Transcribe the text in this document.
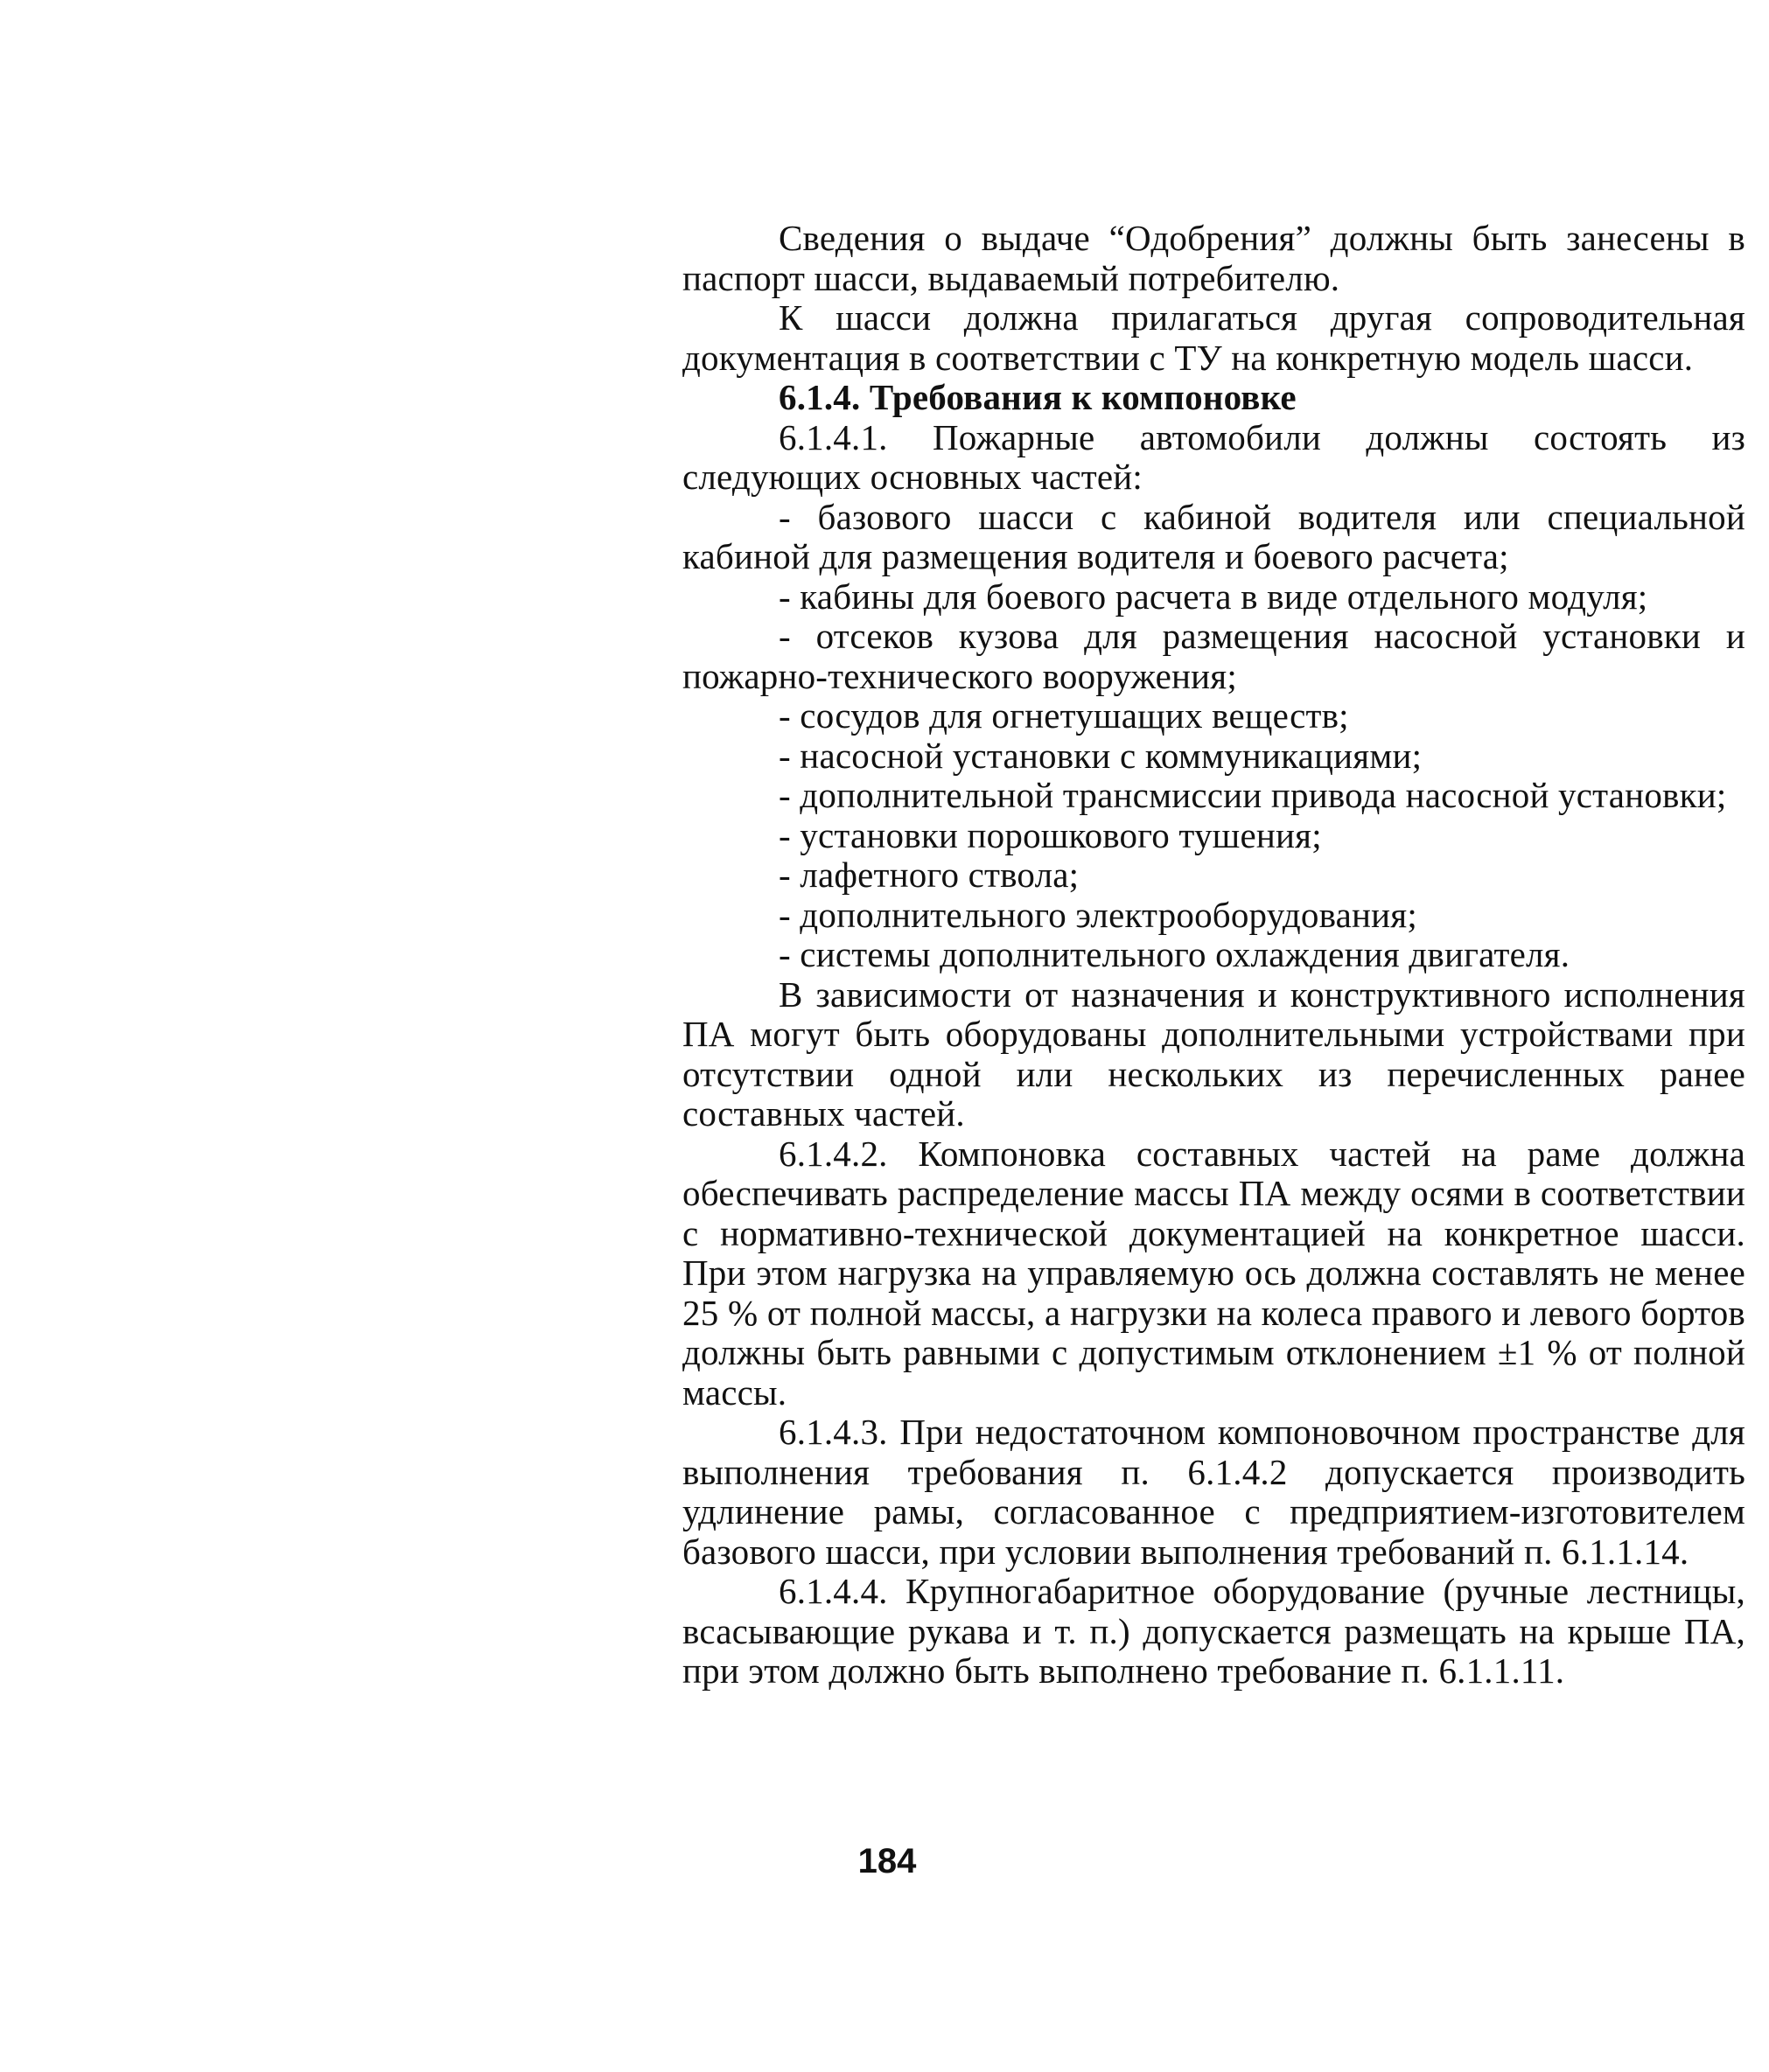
Сведения о выдаче “Одобрения” должны быть занесены в паспорт шасси, выдаваемый потребителю.

К шасси должна прилагаться другая сопроводительная документация в соответствии с ТУ на конкретную модель шасси.

6.1.4. Требования к компоновке

6.1.4.1. Пожарные автомобили должны состоять из следующих основных частей:

- базового шасси с кабиной водителя или специальной кабиной для размещения водителя и боевого расчета;
- кабины для боевого расчета в виде отдельного модуля;
- отсеков кузова для размещения насосной установки и пожарно-технического вооружения;
- сосудов для огнетушащих веществ;
- насосной установки с коммуникациями;
- дополнительной трансмиссии привода насосной установки;
- установки порошкового тушения;
- лафетного ствола;
- дополнительного электрооборудования;
- системы дополнительного охлаждения двигателя.

В зависимости от назначения и конструктивного исполнения ПА могут быть оборудованы дополнительными устройствами при отсутствии одной или нескольких из перечисленных ранее составных частей.

6.1.4.2. Компоновка составных частей на раме должна обеспечивать распределение массы ПА между осями в соответствии с нормативно-технической документацией на конкретное шасси. При этом нагрузка на управляемую ось должна составлять не менее 25 % от полной массы, а нагрузки на колеса правого и левого бортов должны быть равными с допустимым отклонением ±1 % от полной массы.

6.1.4.3. При недостаточном компоновочном пространстве для выполнения требования п. 6.1.4.2 допускается производить удлинение рамы, согласованное с предприятием-изготовителем базового шасси, при условии выполнения требований п. 6.1.1.14.

6.1.4.4. Крупногабаритное оборудование (ручные лестницы, всасывающие рукава и т. п.) допускается размещать на крыше ПА, при этом должно быть выполнено требование п. 6.1.1.11.

184
